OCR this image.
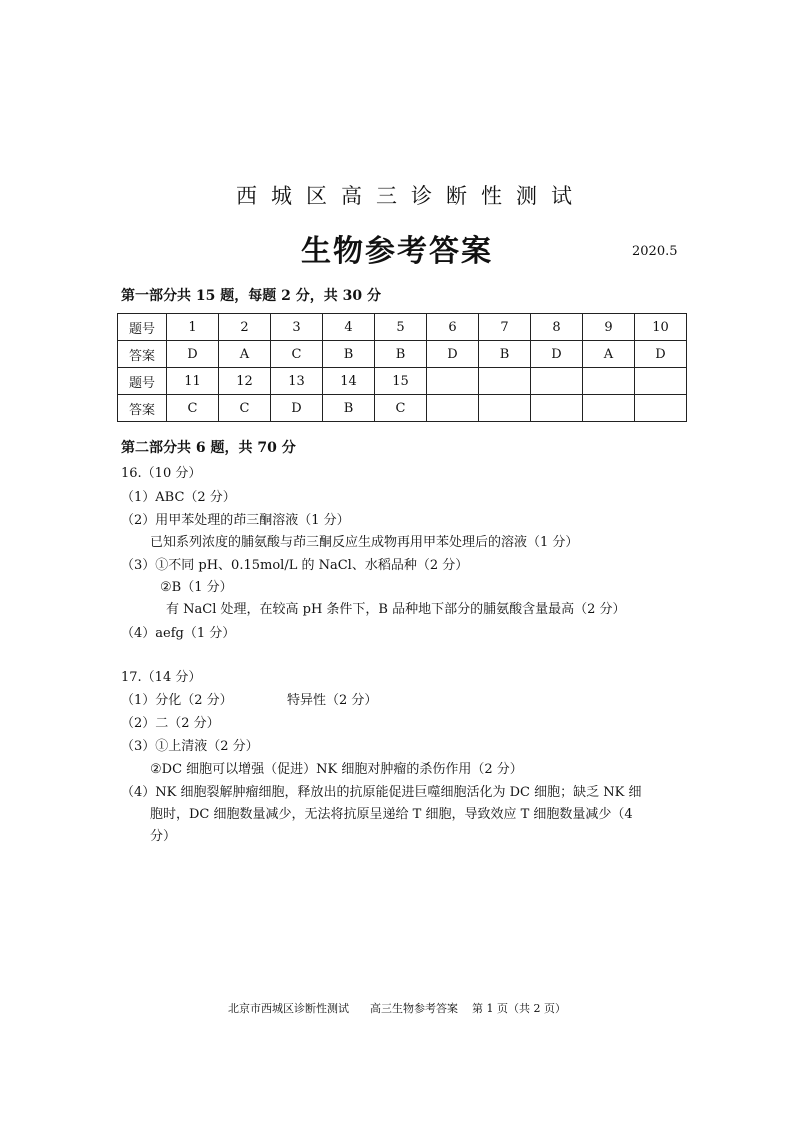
西城区高三诊断性测试
生物参考答案	2020.5
第一部分共 15 题，每题 2 分，共 30 分
题号	1	2	3	4	5	6	7	8	9	10
答案	D	A	C	B	B	D	B	D	A	D
题号	11	12	13	14	15					
答案	C	C	D	B	C					
第二部分共 6 题，共 70 分
16.（10 分）
（1）ABC（2 分）
（2）用甲苯处理的茚三酮溶液（1 分）
已知系列浓度的脯氨酸与茚三酮反应生成物再用甲苯处理后的溶液（1 分）
（3）①不同 pH、0.15mol/L 的 NaCl、水稻品种（2 分）
②B（1 分）
有 NaCl 处理，在较高 pH 条件下，B 品种地下部分的脯氨酸含量最高（2 分）
（4）aefg（1 分）
17.（14 分）
（1）分化（2 分）	特异性（2 分）
（2）二（2 分）
（3）①上清液（2 分）
②DC 细胞可以增强（促进）NK 细胞对肿瘤的杀伤作用（2 分）
（4）NK 细胞裂解肿瘤细胞，释放出的抗原能促进巨噬细胞活化为 DC 细胞；缺乏 NK 细
胞时，DC 细胞数量减少，无法将抗原呈递给 T 细胞，导致效应 T 细胞数量减少（4
分）
北京市西城区诊断性测试      高三生物参考答案    第 1 页（共 2 页）
